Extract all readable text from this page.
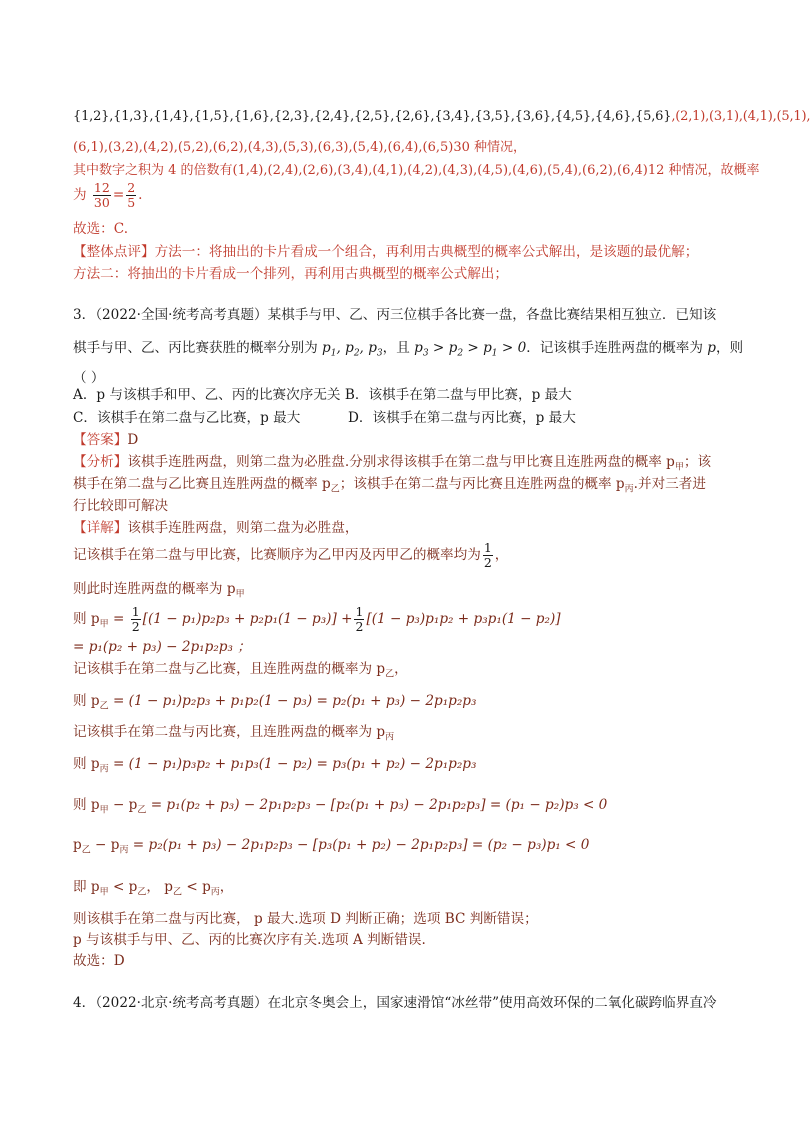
{1,2},{1,3},{1,4},{1,5},{1,6},{2,3},{2,4},{2,5},{2,6},{3,4},{3,5},{3,6},{4,5},{4,6},{5,6},(2,1),(3,1),(4,1),(5,1),
(6,1),(3,2),(4,2),(5,2),(6,2),(4,3),(5,3),(6,3),(5,4),(6,4),(6,5)30 种情况，
其中数字之积为 4 的倍数有(1,4),(2,4),(2,6),(3,4),(4,1),(4,2),(4,3),(4,5),(4,6),(5,4),(6,2),(6,4)12 种情况，故概率
为 $\frac{12}{30} = \frac{2}{5}$ .
故选：C.
【整体点评】方法一：将抽出的卡片看成一个组合，再利用古典概型的概率公式解出，是该题的最优解；
方法二：将抽出的卡片看成一个排列，再利用古典概型的概率公式解出；
3．（2022·全国·统考高考真题）某棋手与甲、乙、丙三位棋手各比赛一盘，各盘比赛结果相互独立．已知该
棋手与甲、乙、丙比赛获胜的概率分别为 $p_1$, $p_2$, $p_3$，且 $p_3 > p_2 > p_1 > 0$．记该棋手连胜两盘的概率为 p，则
（ ）
A．p 与该棋手和甲、乙、丙的比赛次序无关 B．该棋手在第二盘与甲比赛，p 最大
C．该棋手在第二盘与乙比赛，p 最大	D．该棋手在第二盘与丙比赛，p 最大
【答案】D
【分析】该棋手连胜两盘，则第二盘为必胜盘.分别求得该棋手在第二盘与甲比赛且连胜两盘的概率 $p_甲$；该
棋手在第二盘与乙比赛且连胜两盘的概率 $p_乙$；该棋手在第二盘与丙比赛且连胜两盘的概率 $p_丙$.并对三者进
行比较即可解决
【详解】该棋手连胜两盘，则第二盘为必胜盘，
记该棋手在第二盘与甲比赛，比赛顺序为乙甲丙及丙甲乙的概率均为 $\frac{1}{2}$ ，
则此时连胜两盘的概率为 $p_甲$
则 $p_甲 = \frac{1}{2} [(1 - p_1)p_2p_3 + p_2p_1(1 - p_3)] + \frac{1}{2} [(1 - p_3)p_1p_2 + p_3p_1(1 - p_2)]$
= p₁(p₂ + p₃) − 2p₁p₂p₃ ；
记该棋手在第二盘与乙比赛，且连胜两盘的概率为 $p_乙$，
则 $p_乙 = (1 - p_1)p_2p_3 + p_1p_2(1 - p_3) = p_2(p_1 + p_3) - 2p_1p_2p_3$
记该棋手在第二盘与丙比赛，且连胜两盘的概率为 $p_丙$
则 $p_丙 = (1 - p_1)p_3p_2 + p_1p_3(1 - p_2) = p_3(p_1 + p_2) - 2p_1p_2p_3$
则 $p_甲 - p_乙 = p_1(p_2 + p_3) - 2p_1p_2p_3 - [p_2(p_1 + p_3) - 2p_1p_2p_3] = (p_1 - p_2)p_3 < 0$
$p_乙 - p_丙 = p_2(p_1 + p_3) - 2p_1p_2p_3 - [p_3(p_1 + p_2) - 2p_1p_2p_3] = (p_2 - p_3)p_1 < 0$
即 $p_甲 < p_乙$， $p_乙 < p_丙$，
则该棋手在第二盘与丙比赛， p 最大.选项 D 判断正确；选项 BC 判断错误；
p 与该棋手与甲、乙、丙的比赛次序有关.选项 A 判断错误.
故选：D
4．（2022·北京·统考高考真题）在北京冬奥会上，国家速滑馆“冰丝带”使用高效环保的二氧化碳跨临界直冷
